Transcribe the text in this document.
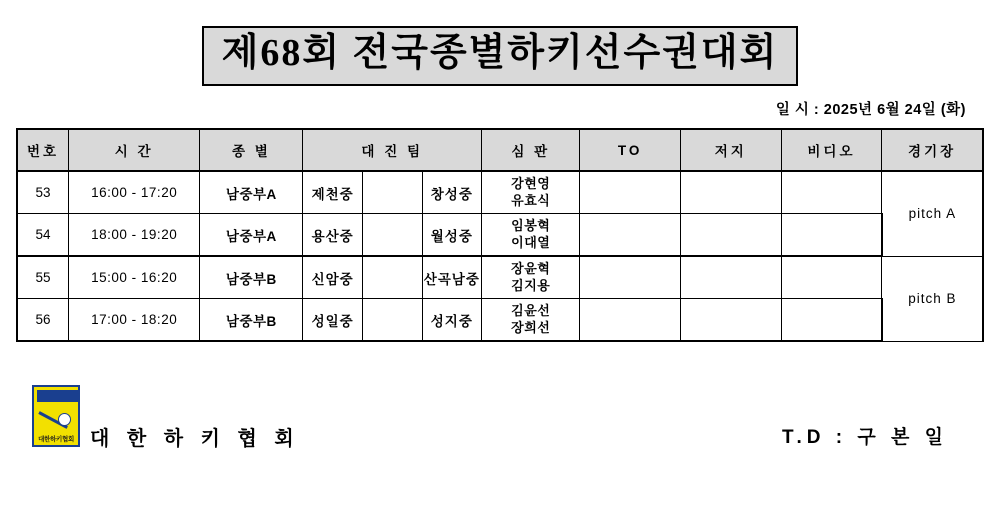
제68회 전국종별하키선수권대회
일 시 : 2025년 6월 24일 (화)
번호	시 간	종 별	대 진 팀			심 판	TO	저지	비디오	경기장
53	16:00 - 17:20	남중부A	제천중		창성중	강현영
유효식				pitch A
54	18:00 - 19:20	남중부A	용산중		월성중	임봉혁
이대열				

55	15:00 - 16:20	남중부B	신암중		산곡남중	장윤혁
김지용				pitch B
56	17:00 - 18:20	남중부B	성일중		성지중	김윤선
장희선				

대한하키협회 대 한 하 키 협 회	T.D : 구 본 일
